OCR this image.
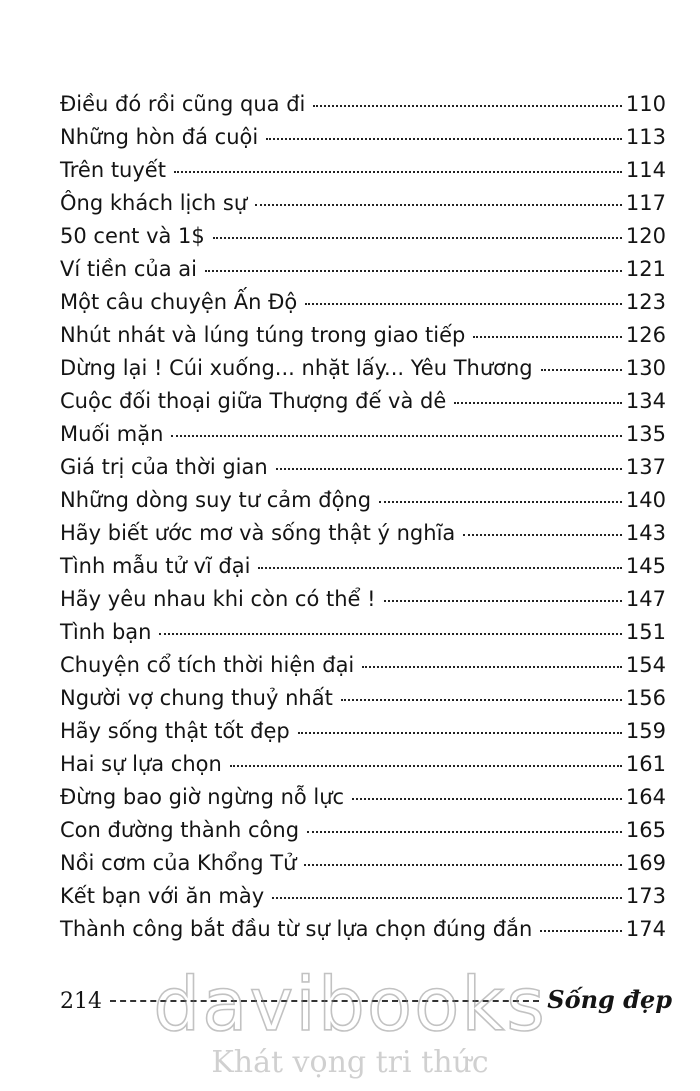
Điều đó rồi cũng qua đi	110
Những hòn đá cuội	113
Trên tuyết	114
Ông khách lịch sự	117
50 cent và 1$	120
Ví tiền của ai	121
Một câu chuyện Ấn Độ	123
Nhút nhát và lúng túng trong giao tiếp	126
Dừng lại ! Cúi xuống... nhặt lấy... Yêu Thương	130
Cuộc đối thoại giữa Thượng đế và dê	134
Muối mặn	135
Giá trị của thời gian	137
Những dòng suy tư cảm động	140
Hãy biết ước mơ và sống thật ý nghĩa	143
Tình mẫu tử vĩ đại	145
Hãy yêu nhau khi còn có thể !	147
Tình bạn	151
Chuyện cổ tích thời hiện đại	154
Người vợ chung thuỷ nhất	156
Hãy sống thật tốt đẹp	159
Hai sự lựa chọn	161
Đừng bao giờ ngừng nỗ lực	164
Con đường thành công	165
Nồi cơm của Khổng Tử	169
Kết bạn với ăn mày	173
Thành công bắt đầu từ sự lựa chọn đúng đắn	174
214	Sống đẹp
davibooks
Khát vọng tri thức
